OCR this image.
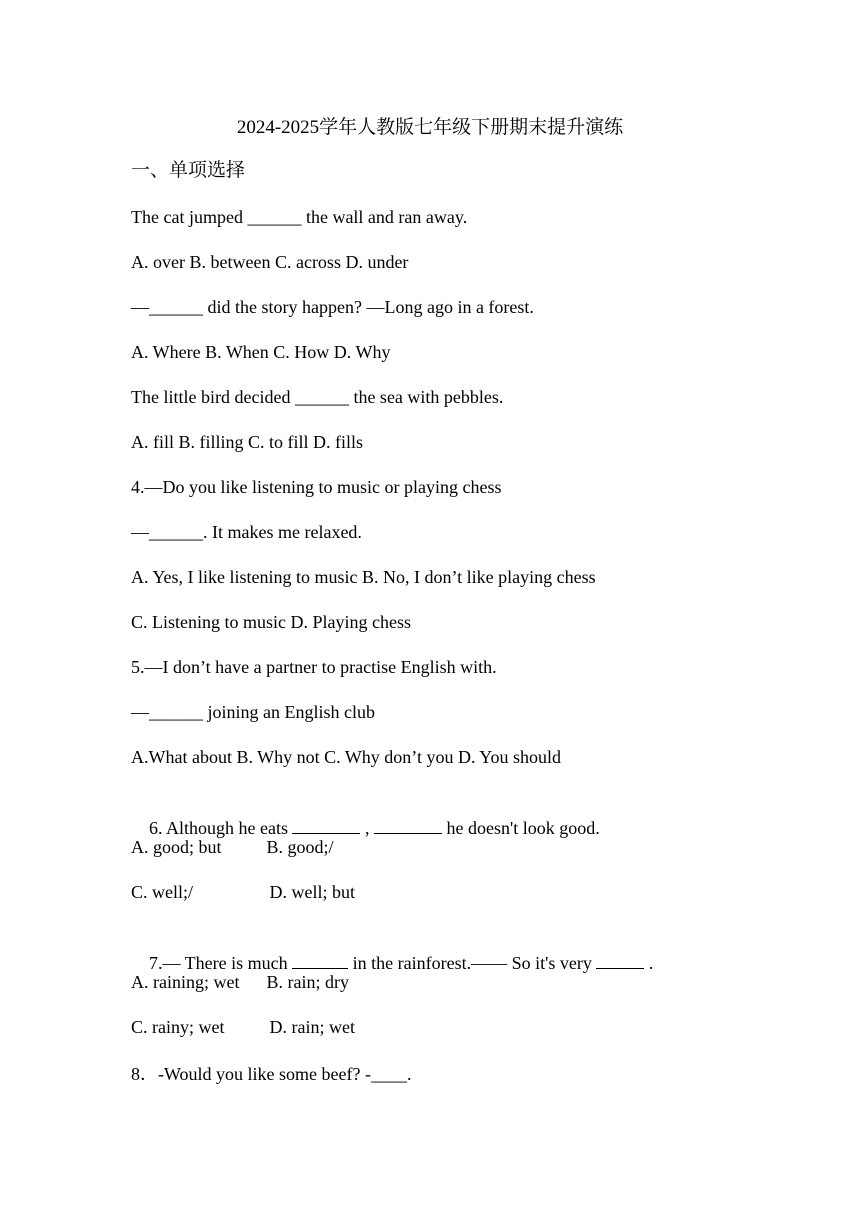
2024-2025学年人教版七年级下册期末提升演练
一、单项选择
The cat jumped ______ the wall and ran away.
A. over B. between C. across D. under
—______ did the story happen? —Long ago in a forest.
A. Where B. When C. How D. Why
The little bird decided ______ the sea with pebbles.
A. fill B. filling C. to fill D. fills
4.—Do you like listening to music or playing chess
—______. It makes me relaxed.
A. Yes, I like listening to music B. No, I don’t like playing chess
C. Listening to music D. Playing chess
5.—I don’t have a partner to practise English with.
—______ joining an English club
A.What about B. Why not C. Why don’t you D. You should

6. Although he eats	,	he doesn't look good.

A. good; but          B. good;/
C. well;/                 D. well; but

7.— There is much	in the rainforest.—— So it's very	.

A. raining; wet      B. rain; dry
C. rainy; wet          D. rain; wet
8．-Would you like some beef? -____.
